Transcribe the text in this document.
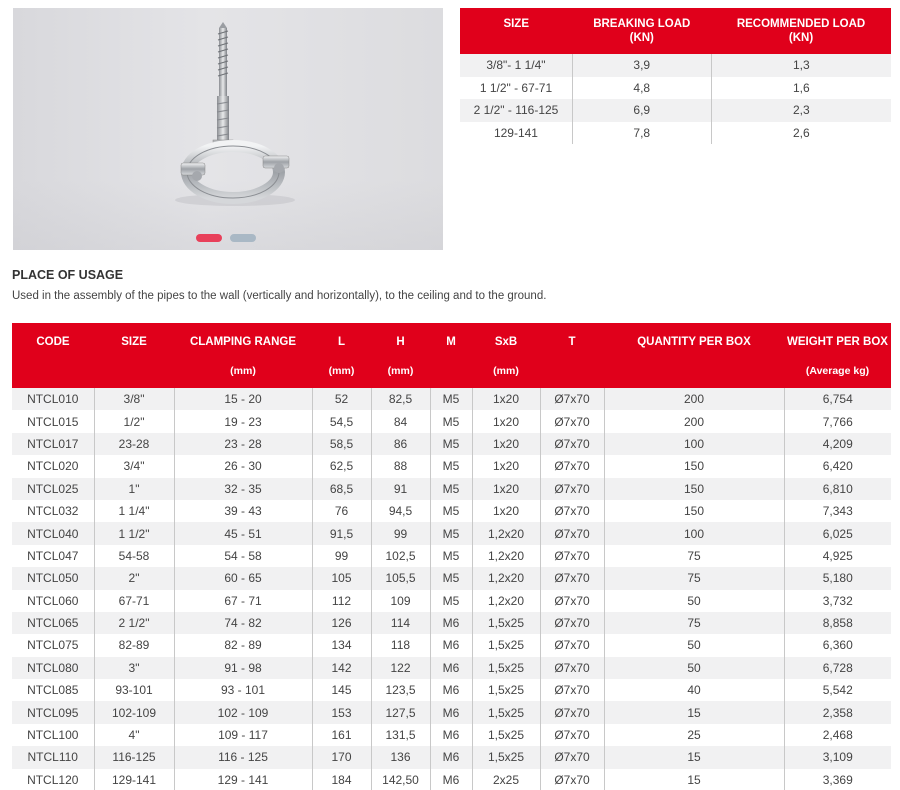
SIZE	BREAKING LOAD	RECOMMENDED LOAD
	(KN)	(KN)
3/8"- 1 1/4"	3,9	1,3
1 1/2" - 67-71	4,8	1,6
2 1/2" - 116-125	6,9	2,3
129-141	7,8	2,6
PLACE OF USAGE
Used in the assembly of the pipes to the wall (vertically and horizontally), to the ceiling and to the ground.
CODE	SIZE	CLAMPING RANGE	L	H	M	SxB	T	QUANTITY PER BOX	WEIGHT PER BOX
		(mm)	(mm)	(mm)		(mm)			(Average kg)
NTCL010	3/8"	15 - 20	52	82,5	M5	1x20	Ø7x70	200	6,754
NTCL015	1/2"	19 - 23	54,5	84	M5	1x20	Ø7x70	200	7,766
NTCL017	23-28	23 - 28	58,5	86	M5	1x20	Ø7x70	100	4,209
NTCL020	3/4"	26 - 30	62,5	88	M5	1x20	Ø7x70	150	6,420
NTCL025	1"	32 - 35	68,5	91	M5	1x20	Ø7x70	150	6,810
NTCL032	1 1/4"	39 - 43	76	94,5	M5	1x20	Ø7x70	150	7,343
NTCL040	1 1/2"	45 - 51	91,5	99	M5	1,2x20	Ø7x70	100	6,025
NTCL047	54-58	54 - 58	99	102,5	M5	1,2x20	Ø7x70	75	4,925
NTCL050	2"	60 - 65	105	105,5	M5	1,2x20	Ø7x70	75	5,180
NTCL060	67-71	67 - 71	112	109	M5	1,2x20	Ø7x70	50	3,732
NTCL065	2 1/2"	74 - 82	126	114	M6	1,5x25	Ø7x70	75	8,858
NTCL075	82-89	82 - 89	134	118	M6	1,5x25	Ø7x70	50	6,360
NTCL080	3"	91 - 98	142	122	M6	1,5x25	Ø7x70	50	6,728
NTCL085	93-101	93 - 101	145	123,5	M6	1,5x25	Ø7x70	40	5,542
NTCL095	102-109	102 - 109	153	127,5	M6	1,5x25	Ø7x70	15	2,358
NTCL100	4"	109 - 117	161	131,5	M6	1,5x25	Ø7x70	25	2,468
NTCL110	116-125	116 - 125	170	136	M6	1,5x25	Ø7x70	15	3,109
NTCL120	129-141	129 - 141	184	142,50	M6	2x25	Ø7x70	15	3,369
